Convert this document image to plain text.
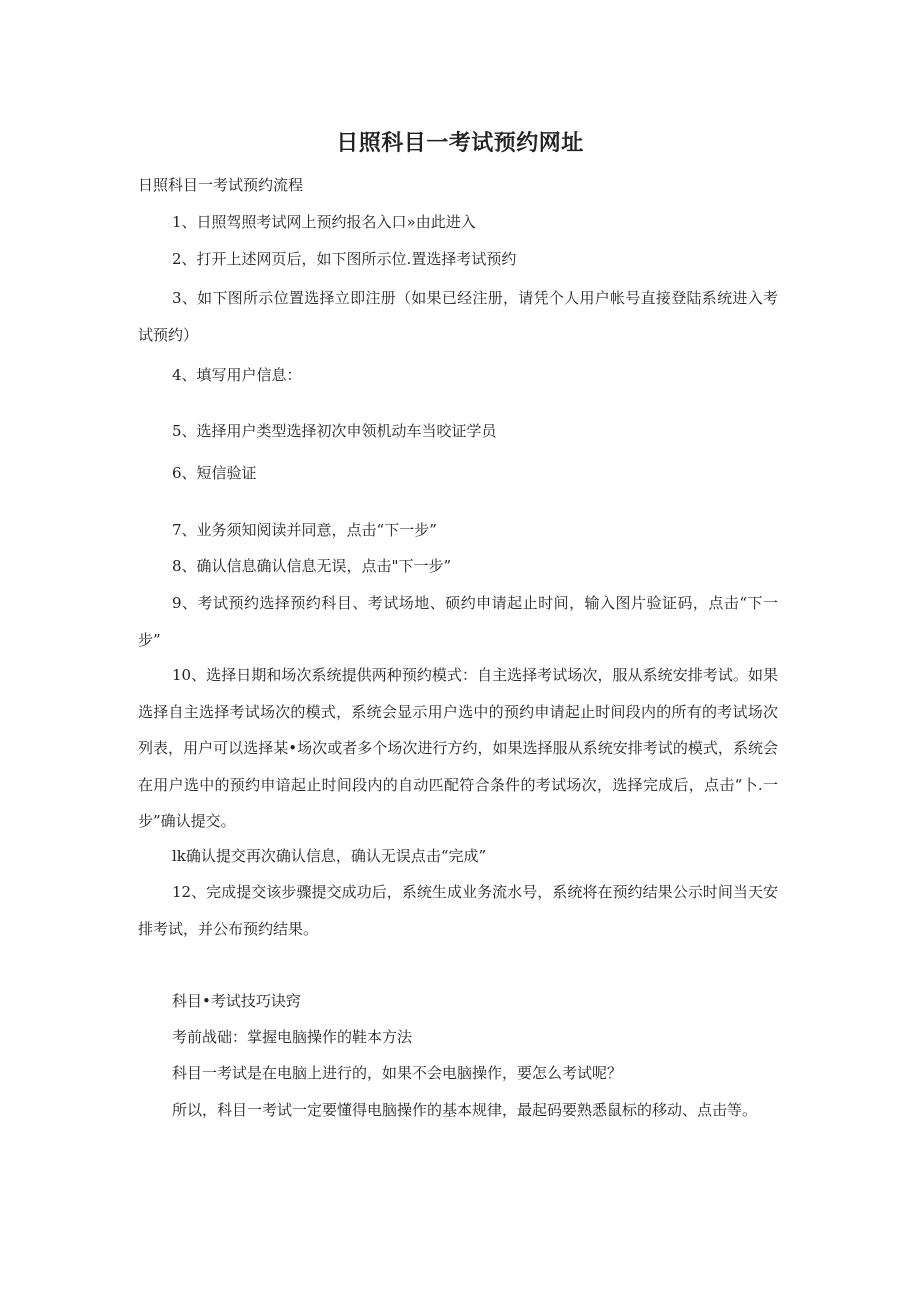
日照科目一考试预约网址

日照科目一考试预约流程

1、日照驾照考试网上预约报名入口»由此进入

2、打开上述网页后，如下图所示位.置选择考试预约

3、如下图所示位置选择立即注册（如果已经注册，请凭个人用户帐号直接登陆系统进入考试预约）

4、填写用户信息：

5、选择用户类型选择初次申领机动车当咬证学员

6、短信验证

7、业务须知阅读并同意，点击“下一步”

8、确认信息确认信息无误，点击"下一步”

9、考试预约选择预约科目、考试场地、硕约申请起止时间，输入图片验证码，点击“下一步”

10、选择日期和场次系统提供两种预约模式：自主选择考试场次，服从系统安排考试。如果选择自主选择考试场次的模式，系统会显示用户选中的预约申请起止时间段内的所有的考试场次列表，用户可以选择某•场次或者多个场次进行方约，如果选择服从系统安排考试的模式，系统会在用户选中的预约申谙起止时间段内的自动匹配符合条件的考试场次，选择完成后，点击“卜.一步”确认提交。

lk确认提交再次确认信息，确认无误点击“完成”

12、完成提交该步骤提交成功后，系统生成业务流水号，系统将在预约结果公示时间当天安排考试，并公布预约结果。

科目•考试技巧诀窍

考前战础：掌握电脑操作的鞋本方法

科目一考试是在电脑上进行的，如果不会电脑操作，要怎么考试呢？

所以，科目一考试一定要懂得电脑操作的基本规律，最起码要熟悉鼠标的移动、点击等。
